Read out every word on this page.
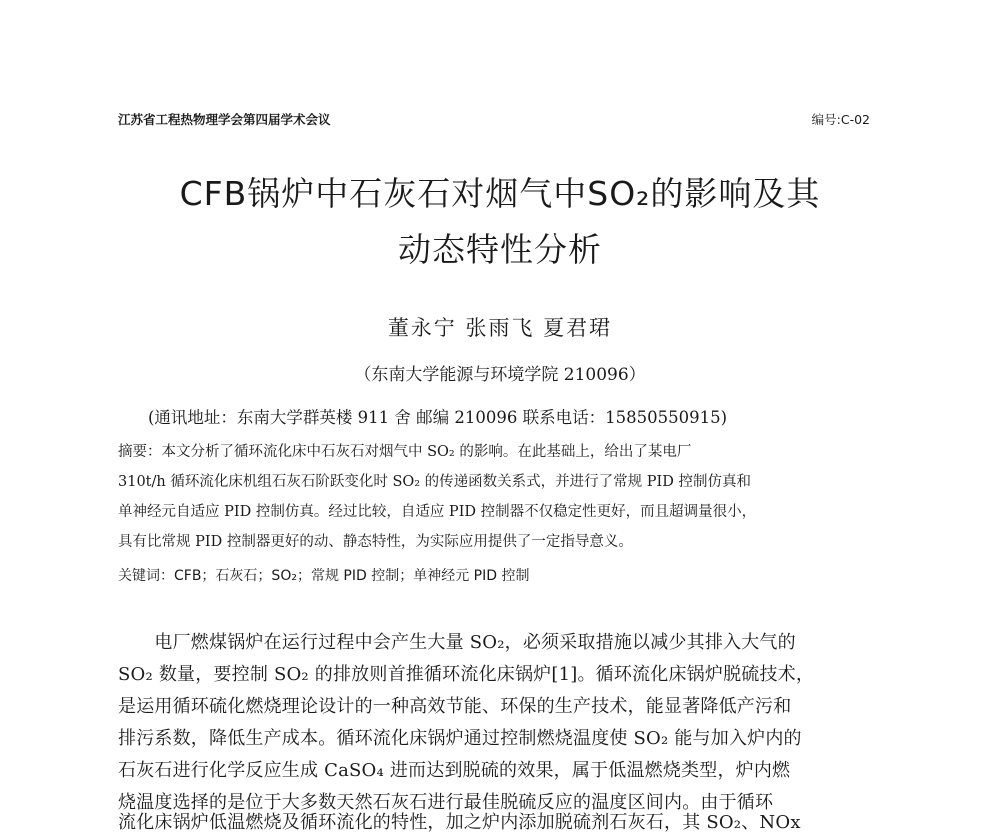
江苏省工程热物理学会第四届学术会议	编号:C-02
CFB锅炉中石灰石对烟气中SO₂的影响及其
动态特性分析
董永宁 张雨飞 夏君珺
（东南大学能源与环境学院 210096）
(通讯地址：东南大学群英楼 911 舍 邮编 210096 联系电话：15850550915)
摘要：本文分析了循环流化床中石灰石对烟气中 SO₂ 的影响。在此基础上，给出了某电厂
310t/h 循环流化床机组石灰石阶跃变化时 SO₂ 的传递函数关系式，并进行了常规 PID 控制仿真和
单神经元自适应 PID 控制仿真。经过比较，自适应 PID 控制器不仅稳定性更好，而且超调量很小，
具有比常规 PID 控制器更好的动、静态特性，为实际应用提供了一定指导意义。
关键词：CFB；石灰石；SO₂；常规 PID 控制；单神经元 PID 控制
　　电厂燃煤锅炉在运行过程中会产生大量 SO₂，必须采取措施以减少其排入大气的
SO₂ 数量，要控制 SO₂ 的排放则首推循环流化床锅炉[1]。循环流化床锅炉脱硫技术，
是运用循环硫化燃烧理论设计的一种高效节能、环保的生产技术，能显著降低产污和
排污系数，降低生产成本。循环流化床锅炉通过控制燃烧温度使 SO₂ 能与加入炉内的
石灰石进行化学反应生成 CaSO₄ 进而达到脱硫的效果，属于低温燃烧类型，炉内燃
烧温度选择的是位于大多数天然石灰石进行最佳脱硫反应的温度区间内。由于循环
流化床锅炉低温燃烧及循环流化的特性，加之炉内添加脱硫剂石灰石，其 SO₂、NOx
